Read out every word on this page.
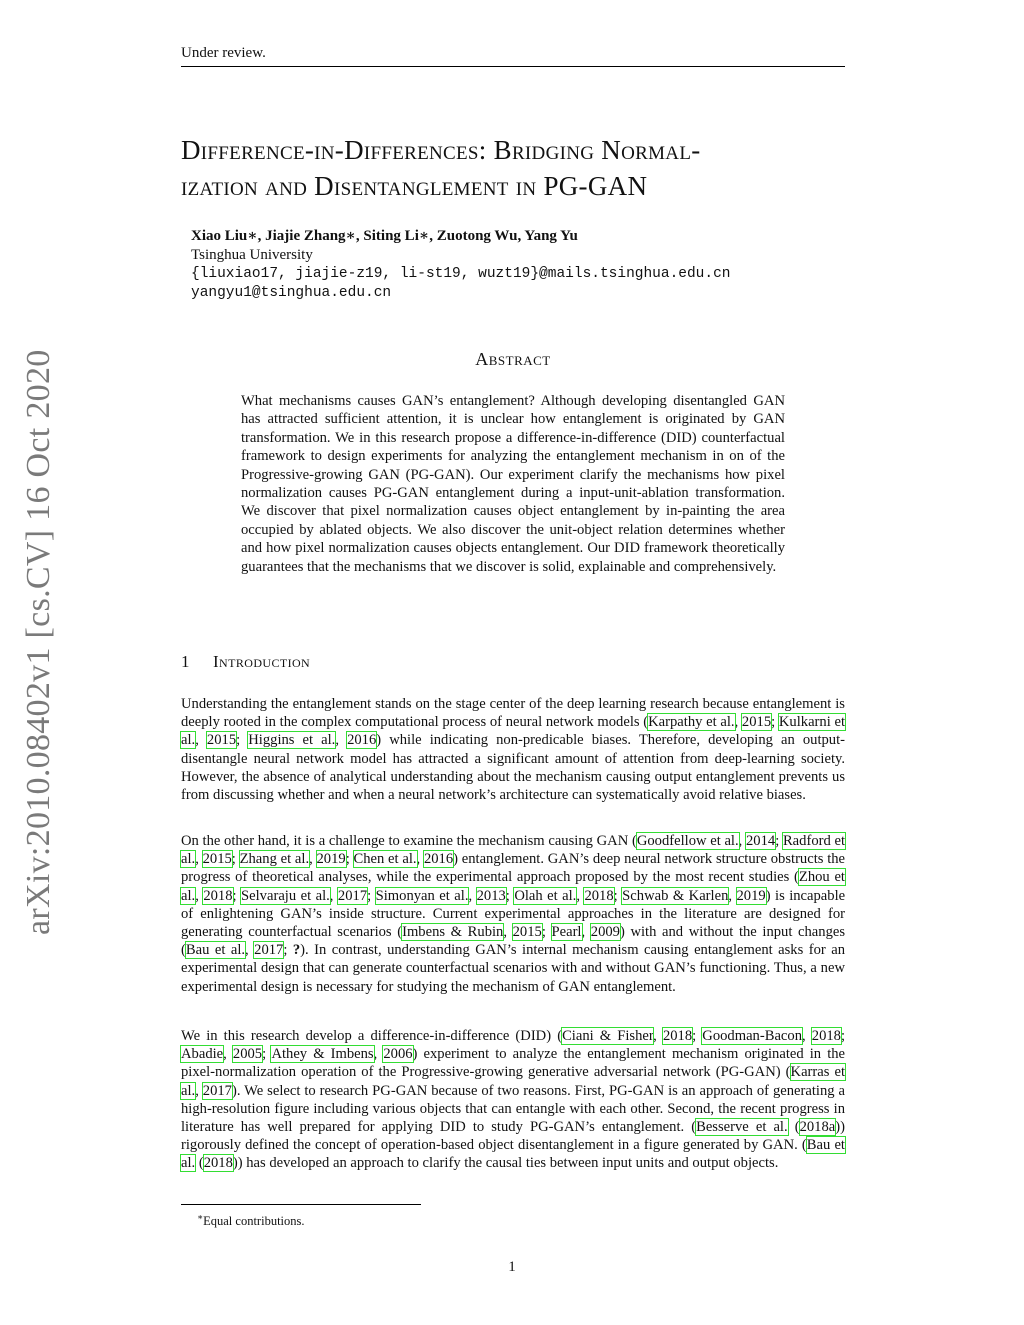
Under review.
arXiv:2010.08402v1 [cs.CV] 16 Oct 2020
Difference-in-Differences: Bridging Normal-
ization and Disentanglement in PG-GAN
Xiao Liu∗, Jiajie Zhang∗, Siting Li∗, Zuotong Wu, Yang Yu
Tsinghua University
{liuxiao17, jiajie-z19, li-st19, wuzt19}@mails.tsinghua.edu.cn
yangyu1@tsinghua.edu.cn
Abstract
What mechanisms causes GAN’s entanglement? Although developing disentangled GAN has attracted sufficient attention, it is unclear how entanglement is originated by GAN transformation. We in this research propose a difference-in-difference (DID) counterfactual framework to design experiments for analyzing the entanglement mechanism in on of the Progressive-growing GAN (PG-GAN). Our experiment clarify the mechanisms how pixel normalization causes PG-GAN entanglement during a input-unit-ablation transformation. We discover that pixel normalization causes object entanglement by in-painting the area occupied by ablated objects. We also discover the unit-object relation determines whether and how pixel normalization causes objects entanglement. Our DID framework theoretically guarantees that the mechanisms that we discover is solid, explainable and comprehensively.
1 Introduction

Understanding the entanglement stands on the stage center of the deep learning research because entanglement is deeply rooted in the complex computational process of neural network models (Karpathy et al., 2015; Kulkarni et al., 2015; Higgins et al., 2016) while indicating non-predicable biases. Therefore, developing an output-disentangle neural network model has attracted a significant amount of attention from deep-learning society. However, the absence of analytical understanding about the mechanism causing output entanglement prevents us from discussing whether and when a neural network’s architecture can systematically avoid relative biases.

On the other hand, it is a challenge to examine the mechanism causing GAN (Goodfellow et al., 2014; Radford et al., 2015; Zhang et al., 2019; Chen et al., 2016) entanglement. GAN’s deep neural network structure obstructs the progress of theoretical analyses, while the experimental approach proposed by the most recent studies (Zhou et al., 2018; Selvaraju et al., 2017; Simonyan et al., 2013; Olah et al., 2018; Schwab & Karlen, 2019) is incapable of enlightening GAN’s inside structure. Current experimental approaches in the literature are designed for generating counterfactual scenarios (Imbens & Rubin, 2015; Pearl, 2009) with and without the input changes (Bau et al., 2017; ?). In contrast, understanding GAN’s internal mechanism causing entanglement asks for an experimental design that can generate counterfactual scenarios with and without GAN’s functioning. Thus, a new experimental design is necessary for studying the mechanism of GAN entanglement.

We in this research develop a difference-in-difference (DID) (Ciani & Fisher, 2018; Goodman-Bacon, 2018; Abadie, 2005; Athey & Imbens, 2006) experiment to analyze the entanglement mechanism originated in the pixel-normalization operation of the Progressive-growing generative adversarial network (PG-GAN) (Karras et al., 2017). We select to research PG-GAN because of two reasons. First, PG-GAN is an approach of generating a high-resolution figure including various objects that can entangle with each other. Second, the recent progress in literature has well prepared for applying DID to study PG-GAN’s entanglement. (Besserve et al. (2018a)) rigorously defined the concept of operation-based object disentanglement in a figure generated by GAN. (Bau et al. (2018)) has developed an approach to clarify the causal ties between input units and output objects.

∗Equal contributions.
1
